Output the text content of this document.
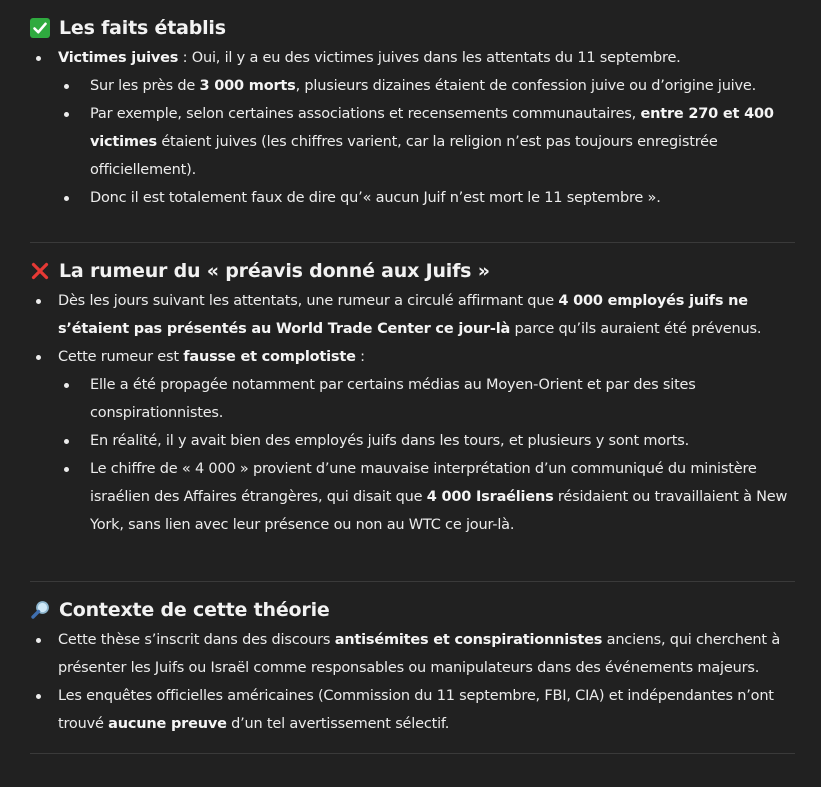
Les faits établis
Victimes juives : Oui, il y a eu des victimes juives dans les attentats du 11 septembre.
Sur les près de 3 000 morts, plusieurs dizaines étaient de confession juive ou d’origine juive.
Par exemple, selon certaines associations et recensements communautaires, entre 270 et 400 victimes étaient juives (les chiffres varient, car la religion n’est pas toujours enregistrée officiellement).
Donc il est totalement faux de dire qu’« aucun Juif n’est mort le 11 septembre ».
La rumeur du « préavis donné aux Juifs »
Dès les jours suivant les attentats, une rumeur a circulé affirmant que 4 000 employés juifs ne s’étaient pas présentés au World Trade Center ce jour-là parce qu’ils auraient été prévenus.
Cette rumeur est fausse et complotiste :
Elle a été propagée notamment par certains médias au Moyen-Orient et par des sites conspirationnistes.
En réalité, il y avait bien des employés juifs dans les tours, et plusieurs y sont morts.
Le chiffre de « 4 000 » provient d’une mauvaise interprétation d’un communiqué du ministère israélien des Affaires étrangères, qui disait que 4 000 Israéliens résidaient ou travaillaient à New York, sans lien avec leur présence ou non au WTC ce jour-là.
Contexte de cette théorie
Cette thèse s’inscrit dans des discours antisémites et conspirationnistes anciens, qui cherchent à présenter les Juifs ou Israël comme responsables ou manipulateurs dans des événements majeurs.
Les enquêtes officielles américaines (Commission du 11 septembre, FBI, CIA) et indépendantes n’ont trouvé aucune preuve d’un tel avertissement sélectif.
